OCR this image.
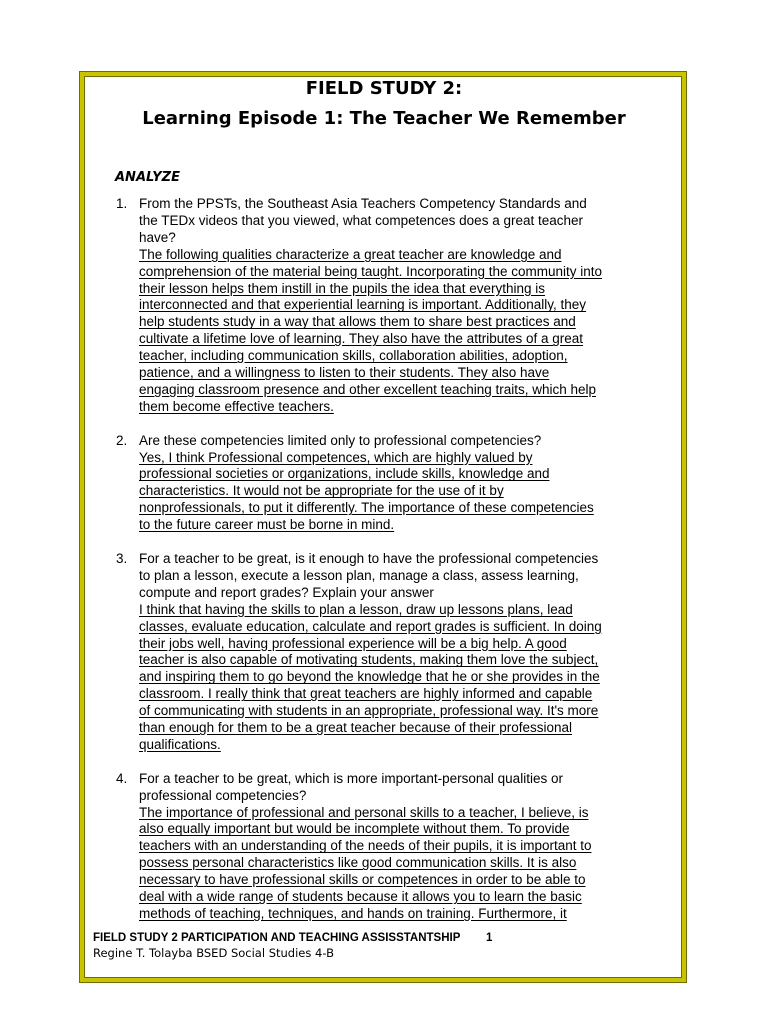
FIELD STUDY 2:
Learning Episode 1: The Teacher We Remember
ANALYZE
1. From the PPSTs, the Southeast Asia Teachers Competency Standards and
the TEDx videos that you viewed, what competences does a great teacher
have?
The following qualities characterize a great teacher are knowledge and
comprehension of the material being taught. Incorporating the community into
their lesson helps them instill in the pupils the idea that everything is
interconnected and that experiential learning is important. Additionally, they
help students study in a way that allows them to share best practices and
cultivate a lifetime love of learning. They also have the attributes of a great
teacher, including communication skills, collaboration abilities, adoption,
patience, and a willingness to listen to their students. They also have
engaging classroom presence and other excellent teaching traits, which help
them become effective teachers.
2. Are these competencies limited only to professional competencies?
Yes, I think Professional competences, which are highly valued by
professional societies or organizations, include skills, knowledge and
characteristics. It would not be appropriate for the use of it by
nonprofessionals, to put it differently. The importance of these competencies
to the future career must be borne in mind.
3. For a teacher to be great, is it enough to have the professional competencies
to plan a lesson, execute a lesson plan, manage a class, assess learning,
compute and report grades? Explain your answer
I think that having the skills to plan a lesson, draw up lessons plans, lead
classes, evaluate education, calculate and report grades is sufficient. In doing
their jobs well, having professional experience will be a big help. A good
teacher is also capable of motivating students, making them love the subject,
and inspiring them to go beyond the knowledge that he or she provides in the
classroom. I really think that great teachers are highly informed and capable
of communicating with students in an appropriate, professional way. It's more
than enough for them to be a great teacher because of their professional
qualifications.
4. For a teacher to be great, which is more important-personal qualities or
professional competencies?
The importance of professional and personal skills to a teacher, I believe, is
also equally important but would be incomplete without them. To provide
teachers with an understanding of the needs of their pupils, it is important to
possess personal characteristics like good communication skills. It is also
necessary to have professional skills or competences in order to be able to
deal with a wide range of students because it allows you to learn the basic
methods of teaching, techniques, and hands on training. Furthermore, it
FIELD STUDY 2 PARTICIPATION AND TEACHING ASSISSTANTSHIP 1
Regine T. Tolayba BSED Social Studies 4-B
